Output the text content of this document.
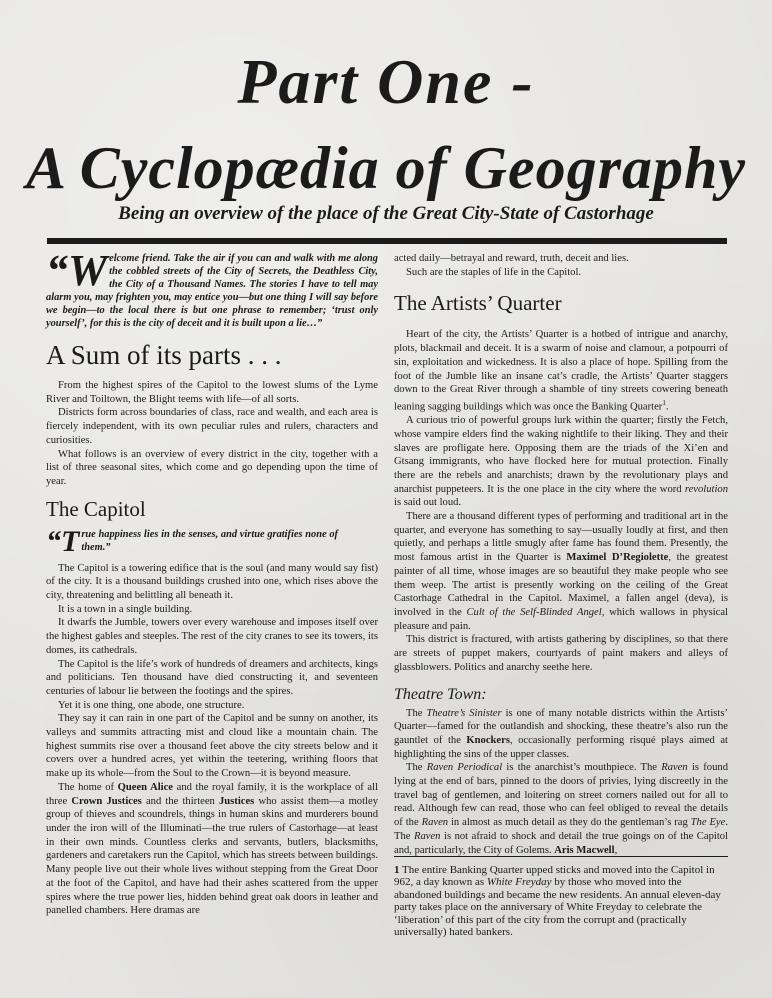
Part One -
A Cyclopædia of Geography
Being an overview of the place of the Great City-State of Castorhage
“W elcome friend. Take the air if you can and walk with me along the cobbled streets of the City of Secrets, the Deathless City, the City of a Thousand Names. The stories I have to tell may alarm you, may frighten you, may entice you—but one thing I will say before we begin—to the local there is but one phrase to remember; ‘trust only yourself’, for this is the city of deceit and it is built upon a lie…”
A Sum of its parts . . .

From the highest spires of the Capitol to the lowest slums of the Lyme River and Toiltown, the Blight teems with life—of all sorts.

Districts form across boundaries of class, race and wealth, and each area is fiercely independent, with its own peculiar rules and rulers, characters and curiosities.

What follows is an overview of every district in the city, together with a list of three seasonal sites, which come and go depending upon the time of year.

The Capitol
“T rue happiness lies in the senses, and virtue gratifies none of them.”

The Capitol is a towering edifice that is the soul (and many would say fist) of the city. It is a thousand buildings crushed into one, which rises above the city, threatening and belittling all beneath it.

It is a town in a single building.

It dwarfs the Jumble, towers over every warehouse and imposes itself over the highest gables and steeples. The rest of the city cranes to see its towers, its domes, its cathedrals.

The Capitol is the life’s work of hundreds of dreamers and architects, kings and politicians. Ten thousand have died constructing it, and seventeen centuries of labour lie between the footings and the spires.

Yet it is one thing, one abode, one structure.

They say it can rain in one part of the Capitol and be sunny on another, its valleys and summits attracting mist and cloud like a mountain chain. The highest summits rise over a thousand feet above the city streets below and it covers over a hundred acres, yet within the teetering, writhing floors that make up its whole—from the Soul to the Crown—it is beyond measure.

The home of Queen Alice and the royal family, it is the workplace of all three Crown Justices and the thirteen Justices who assist them—a motley group of thieves and scoundrels, things in human skins and murderers bound under the iron will of the Illuminati—the true rulers of Castorhage—at least in their own minds. Countless clerks and servants, butlers, blacksmiths, gardeners and caretakers run the Capitol, which has streets between buildings. Many people live out their whole lives without stepping from the Great Door at the foot of the Capitol, and have had their ashes scattered from the upper spires where the true power lies, hidden behind great oak doors in leather and panelled chambers. Here dramas are

acted daily—betrayal and reward, truth, deceit and lies.

Such are the staples of life in the Capitol.

The Artists’ Quarter

Heart of the city, the Artists’ Quarter is a hotbed of intrigue and anarchy, plots, blackmail and deceit. It is a swarm of noise and clamour, a potpourri of sin, exploitation and wickedness. It is also a place of hope. Spilling from the foot of the Jumble like an insane cat’s cradle, the Artists’ Quarter staggers down to the Great River through a shamble of tiny streets cowering beneath leaning sagging buildings which was once the Banking Quarter$^1$.

A curious trio of powerful groups lurk within the quarter; firstly the Fetch, whose vampire elders find the waking nightlife to their liking. They and their slaves are profligate here. Opposing them are the triads of the Xi’en and Gtsang immigrants, who have flocked here for mutual protection. Finally there are the rebels and anarchists; drawn by the revolutionary plays and anarchist puppeteers. It is the one place in the city where the word revolution is said out loud.

There are a thousand different types of performing and traditional art in the quarter, and everyone has something to say—usually loudly at first, and then quietly, and perhaps a little smugly after fame has found them. Presently, the most famous artist in the Quarter is Maximel D’Regiolette, the greatest painter of all time, whose images are so beautiful they make people who see them weep. The artist is presently working on the ceiling of the Great Castorhage Cathedral in the Capitol. Maximel, a fallen angel (deva), is involved in the Cult of the Self-Blinded Angel, which wallows in physical pleasure and pain.

This district is fractured, with artists gathering by disciplines, so that there are streets of puppet makers, courtyards of paint makers and alleys of glassblowers. Politics and anarchy seethe here.

Theatre Town:

The Theatre’s Sinister is one of many notable districts within the Artists’ Quarter—famed for the outlandish and shocking, these theatre’s also run the gauntlet of the Knockers, occasionally performing risqué plays aimed at highlighting the sins of the upper classes.

The Raven Periodical is the anarchist’s mouthpiece. The Raven is found lying at the end of bars, pinned to the doors of privies, lying discreetly in the travel bag of gentlemen, and loitering on street corners nailed out for all to read. Although few can read, those who can feel obliged to reveal the details of the Raven in almost as much detail as they do the gentleman’s rag The Eye. The Raven is not afraid to shock and detail the true goings on of the Capitol and, particularly, the City of Golems. Aris Macwell,

1 The entire Banking Quarter upped sticks and moved into the Capitol in 962, a day known as White Freyday by those who moved into the abandoned buildings and became the new residents. An annual eleven-day party takes place on the anniversary of White Freyday to celebrate the ‘liberation’ of this part of the city from the corrupt and (practically universally) hated bankers.
